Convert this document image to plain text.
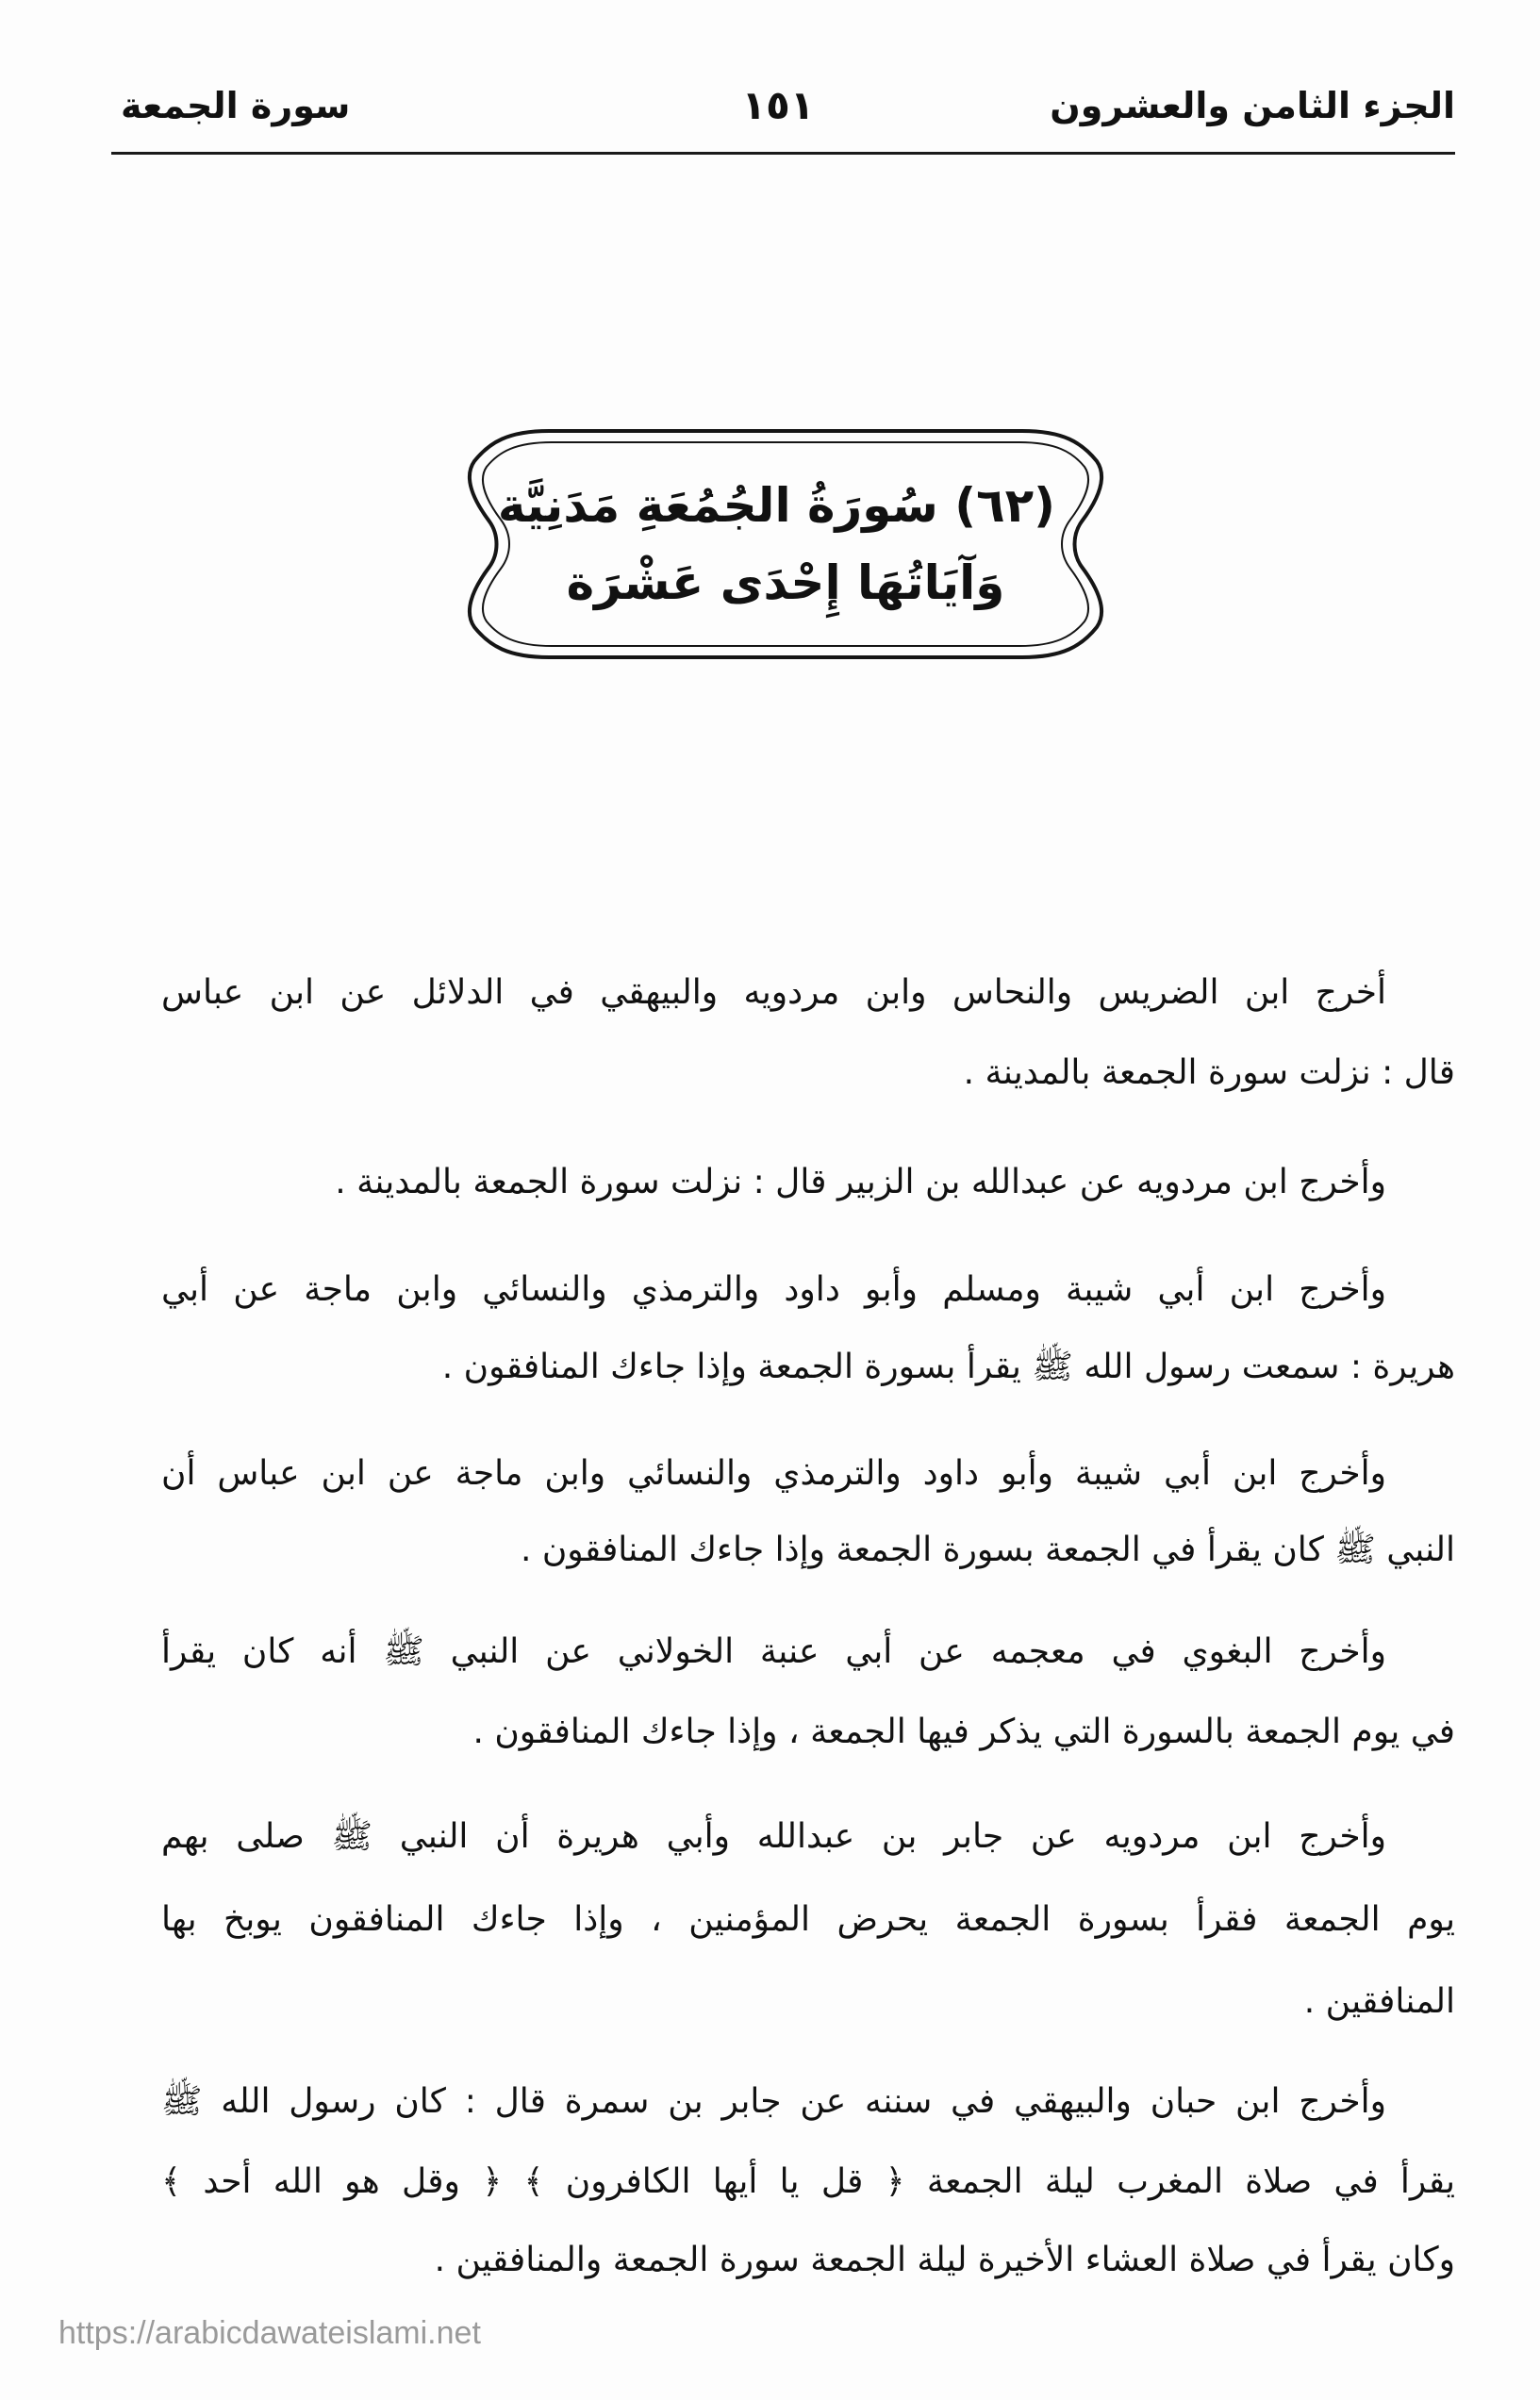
الجزء الثامن والعشرون
١٥١
سورة الجمعة
(٦٢) سُورَةُ الجُمُعَةِ مَدَنِيَّة
وَآيَاتُهَا إِحْدَى عَشْرَة
أخرج ابن الضريس والنحاس وابن مردويه والبيهقي في الدلائل عن ابن عباس
قال : نزلت سورة الجمعة بالمدينة .
وأخرج ابن مردويه عن عبدالله بن الزبير قال : نزلت سورة الجمعة بالمدينة .
وأخرج ابن أبي شيبة ومسلم وأبو داود والترمذي والنسائي وابن ماجة عن أبي
هريرة : سمعت رسول الله ﷺ يقرأ بسورة الجمعة وإذا جاءك المنافقون .
وأخرج ابن أبي شيبة وأبو داود والترمذي والنسائي وابن ماجة عن ابن عباس أن
النبي ﷺ كان يقرأ في الجمعة بسورة الجمعة وإذا جاءك المنافقون .
وأخرج البغوي في معجمه عن أبي عنبة الخولاني عن النبي ﷺ أنه كان يقرأ
في يوم الجمعة بالسورة التي يذكر فيها الجمعة ، وإذا جاءك المنافقون .
وأخرج ابن مردويه عن جابر بن عبدالله وأبي هريرة أن النبي ﷺ صلى بهم
يوم الجمعة فقرأ بسورة الجمعة يحرض المؤمنين ، وإذا جاءك المنافقون يوبخ بها
المنافقين .
وأخرج ابن حبان والبيهقي في سننه عن جابر بن سمرة قال : كان رسول الله ﷺ
يقرأ في صلاة المغرب ليلة الجمعة ﴿ قل يا أيها الكافرون ﴾ ﴿ وقل هو الله أحد ﴾
وكان يقرأ في صلاة العشاء الأخيرة ليلة الجمعة سورة الجمعة والمنافقين .
https://arabicdawateislami.net
